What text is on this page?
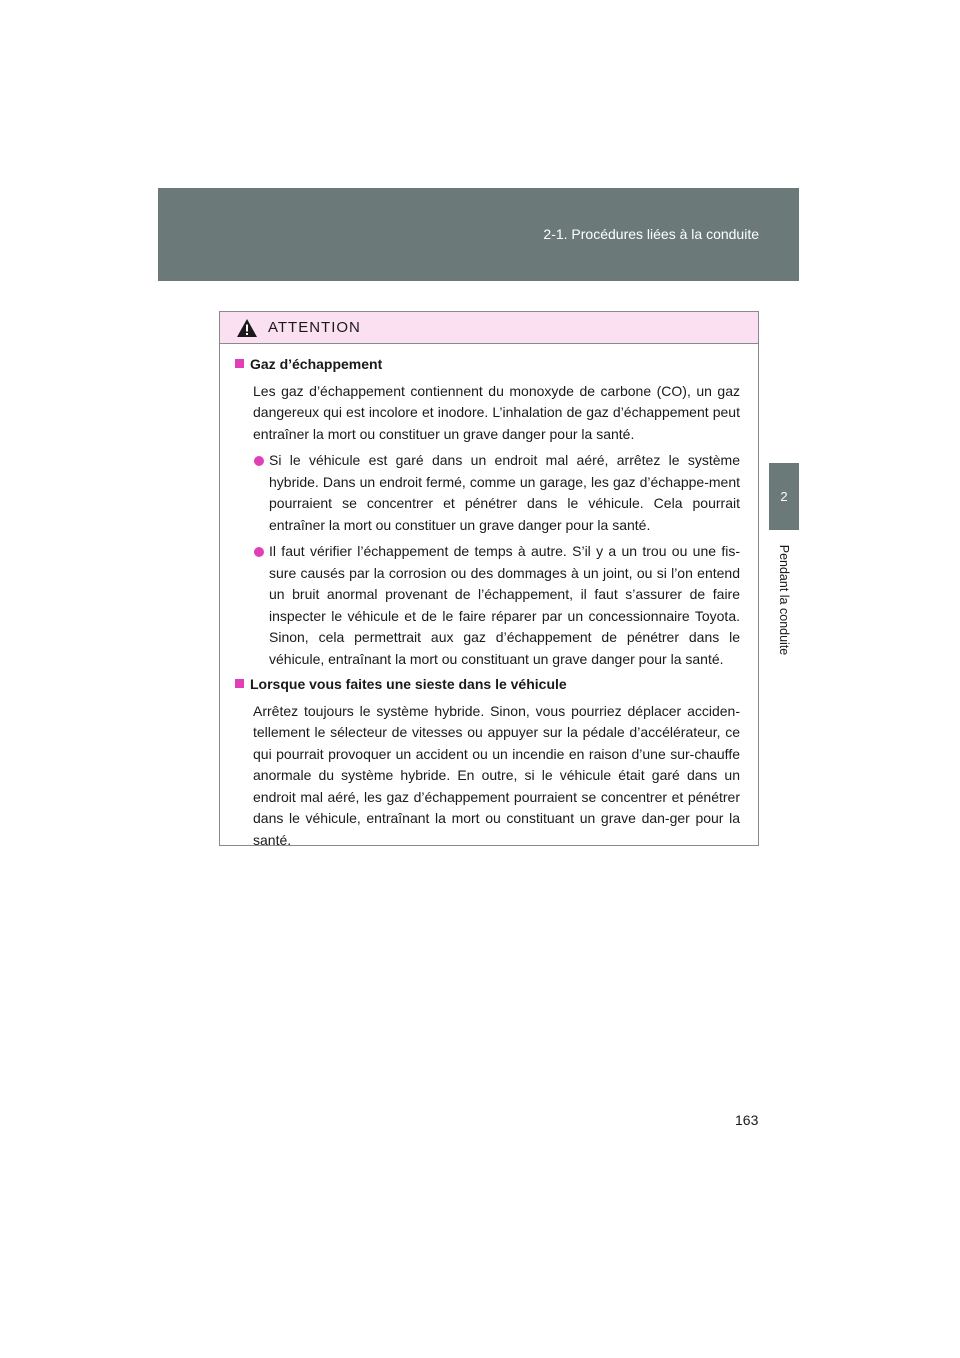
2-1. Procédures liées à la conduite
2
Pendant la conduite
ATTENTION
Gaz d’échappement
Les gaz d’échappement contiennent du monoxyde de carbone (CO), un gaz dangereux qui est incolore et inodore. L’inhalation de gaz d’échappement peut entraîner la mort ou constituer un grave danger pour la santé.
Si le véhicule est garé dans un endroit mal aéré, arrêtez le système hybride. Dans un endroit fermé, comme un garage, les gaz d’échappe-ment pourraient se concentrer et pénétrer dans le véhicule. Cela pourrait entraîner la mort ou constituer un grave danger pour la santé.
Il faut vérifier l’échappement de temps à autre. S’il y a un trou ou une fis-sure causés par la corrosion ou des dommages à un joint, ou si l’on entend un bruit anormal provenant de l’échappement, il faut s’assurer de faire inspecter le véhicule et de le faire réparer par un concessionnaire Toyota. Sinon, cela permettrait aux gaz d’échappement de pénétrer dans le véhicule, entraînant la mort ou constituant un grave danger pour la santé.
Lorsque vous faites une sieste dans le véhicule
Arrêtez toujours le système hybride. Sinon, vous pourriez déplacer acciden-tellement le sélecteur de vitesses ou appuyer sur la pédale d’accélérateur, ce qui pourrait provoquer un accident ou un incendie en raison d’une sur-chauffe anormale du système hybride. En outre, si le véhicule était garé dans un endroit mal aéré, les gaz d’échappement pourraient se concentrer et pénétrer dans le véhicule, entraînant la mort ou constituant un grave dan-ger pour la santé.
163
